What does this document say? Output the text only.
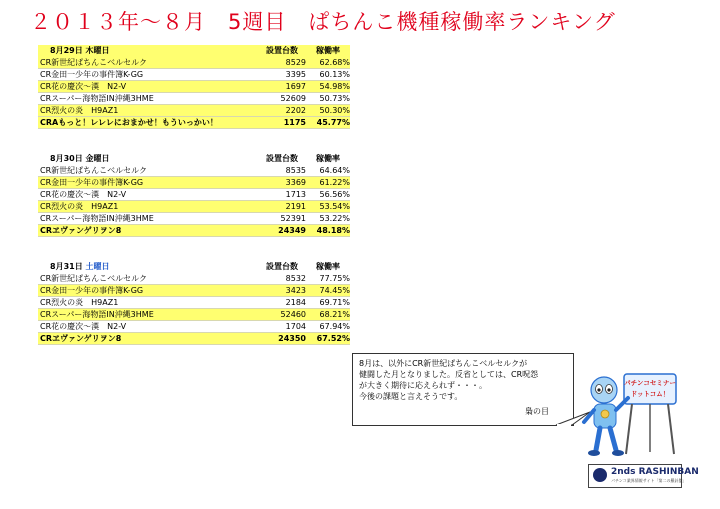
２０１３年～８月　5週目　ぱちんこ機種稼働率ランキング
8月29日 木曜日	設置台数	稼働率
CR新世紀ぱちんこベルセルク	8529	62.68%
CR金田一少年の事件簿K-GG	3395	60.13%
CR花の慶次～漢　N2-V	1697	54.98%
CRスーパー海物語IN沖縄3HME	52609	50.73%
CR烈火の炎　H9AZ1	2202	50.30%
CRAもっと！レレレにおまかせ！もういっかい！	1175	45.77%
8月30日 金曜日	設置台数	稼働率
CR新世紀ぱちんこベルセルク	8535	64.64%
CR金田一少年の事件簿K-GG	3369	61.22%
CR花の慶次～漢　N2-V	1713	56.56%
CR烈火の炎　H9AZ1	2191	53.54%
CRスーパー海物語IN沖縄3HME	52391	53.22%
CRヱヴァンゲリヲン8	24349	48.18%
8月31日 土曜日	設置台数	稼働率
CR新世紀ぱちんこベルセルク	8532	77.75%
CR金田一少年の事件簿K-GG	3423	74.45%
CR烈火の炎　H9AZ1	2184	69.71%
CRスーパー海物語IN沖縄3HME	52460	68.21%
CR花の慶次～漢　N2-V	1704	67.94%
CRヱヴァンゲリヲン8	24350	67.52%
8月は、以外にCR新世紀ぱちんこベルセルクが
健闘した月となりました。反省としては、CR呪怨
が大きく期待に応えられず・・・。
今後の課題と言えそうです。
梟の目
パチンコセミナー
ドットコム！
2nds RASHINBAN
パチンコ業界情報サイト「第二の羅針盤」
